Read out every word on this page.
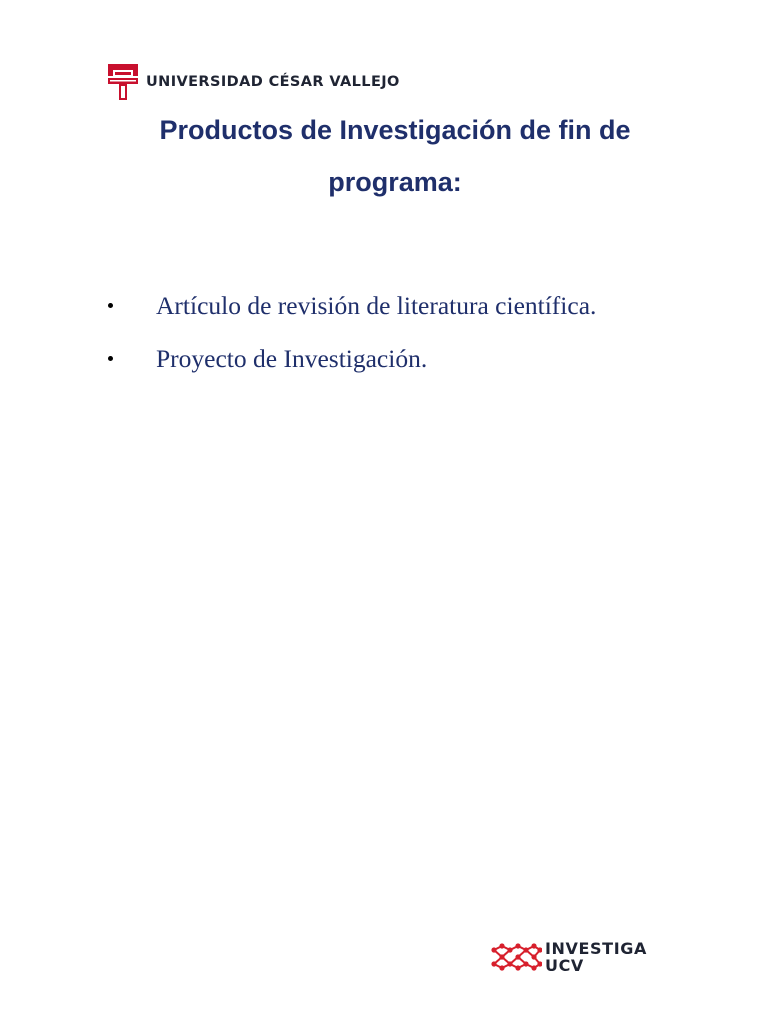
UNIVERSIDAD CÉSAR VALLEJO
Productos de Investigación de fin de
programa:
Artículo de revisión de literatura científica.
Proyecto de Investigación.
INVESTIGA
UCV
